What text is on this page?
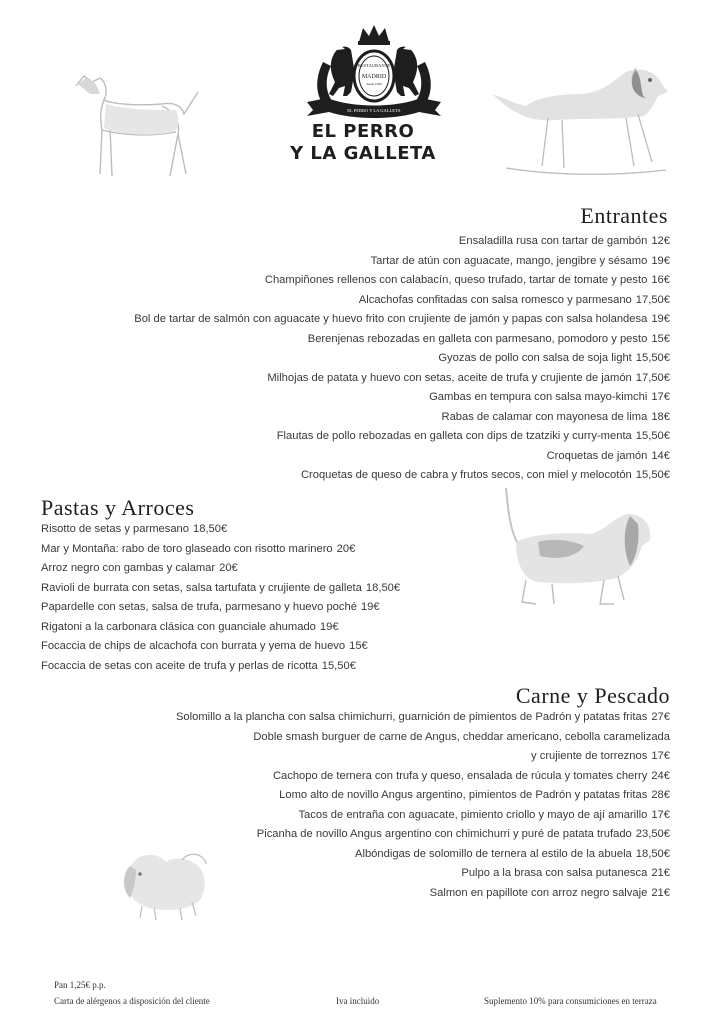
RESTAURANTE
MADRID
desde 1900
EL PERRO Y LA GALLETA
EL PERRO
Y LA GALLETA
Entrantes
Ensaladilla rusa con tartar de gambón 12€
Tartar de atún con aguacate, mango, jengibre y sésamo 19€
Champiñones rellenos con calabacín, queso trufado, tartar de tomate y pesto 16€
Alcachofas confitadas con salsa romesco y parmesano 17,50€
Bol de tartar de salmón con aguacate y huevo frito con crujiente de jamón y papas con salsa holandesa 19€
Berenjenas rebozadas en galleta con parmesano, pomodoro y pesto 15€
Gyozas de pollo con salsa de soja light 15,50€
Milhojas de patata y huevo con setas, aceite de trufa y crujiente de jamón 17,50€
Gambas en tempura con salsa mayo-kimchi 17€
Rabas de calamar con mayonesa de lima 18€
Flautas de pollo rebozadas en galleta con dips de tzatziki y curry-menta 15,50€
Croquetas de jamón 14€
Croquetas de queso de cabra y frutos secos, con miel y melocotón 15,50€
Pastas y Arroces
Risotto de setas y parmesano 18,50€
Mar y Montaña: rabo de toro glaseado con risotto marinero 20€
Arroz negro con gambas y calamar 20€
Ravioli de burrata con setas, salsa tartufata y crujiente de galleta 18,50€
Papardelle con setas, salsa de trufa, parmesano y huevo poché 19€
Rigatoni a la carbonara clásica con guanciale ahumado 19€
Focaccia de chips de alcachofa con burrata y yema de huevo 15€
Focaccia de setas con aceite de trufa y perlas de ricotta 15,50€
Carne y Pescado
Solomillo a la plancha con salsa chimichurri, guarnición de pimientos de Padrón y patatas fritas 27€
Doble smash burguer de carne de Angus, cheddar americano, cebolla caramelizada
y crujiente de torreznos 17€
Cachopo de ternera con trufa y queso, ensalada de rúcula y tomates cherry 24€
Lomo alto de novillo Angus argentino, pimientos de Padrón y patatas fritas 28€
Tacos de entraña con aguacate, pimiento criollo y mayo de ají amarillo 17€
Picanha de novillo Angus argentino con chimichurri y puré de patata trufado 23,50€
Albóndigas de solomillo de ternera al estilo de la abuela 18,50€
Pulpo a la brasa con salsa putanesca 21€
Salmon en papillote con arroz negro salvaje 21€
Pan 1,25€ p.p.
Carta de alérgenos a disposición del cliente	Iva incluido	Suplemento 10% para consumiciones en terraza
